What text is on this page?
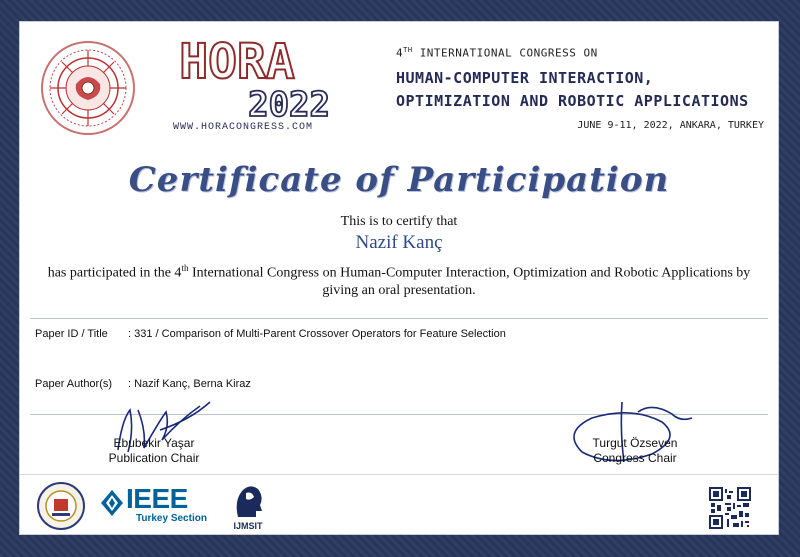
HORA
2022
WWW.HORACONGRESS.COM
4TH INTERNATIONAL CONGRESS ON
HUMAN-COMPUTER INTERACTION,
OPTIMIZATION AND ROBOTIC APPLICATIONS
JUNE 9-11, 2022, ANKARA, TURKEY
Certificate of Participation
This is to certify that
Nazif Kanç
has participated in the 4th International Congress on Human-Computer Interaction, Optimization and Robotic Applications by giving an oral presentation.
Paper ID / Title : 331 / Comparison of Multi-Parent Crossover Operators for Feature Selection
Paper Author(s) : Nazif Kanç, Berna Kiraz
Ebubekir Yaşar
Publication Chair
Turgut Özseven
Congress Chair
IEEE
Turkey Section
IJMSIT
